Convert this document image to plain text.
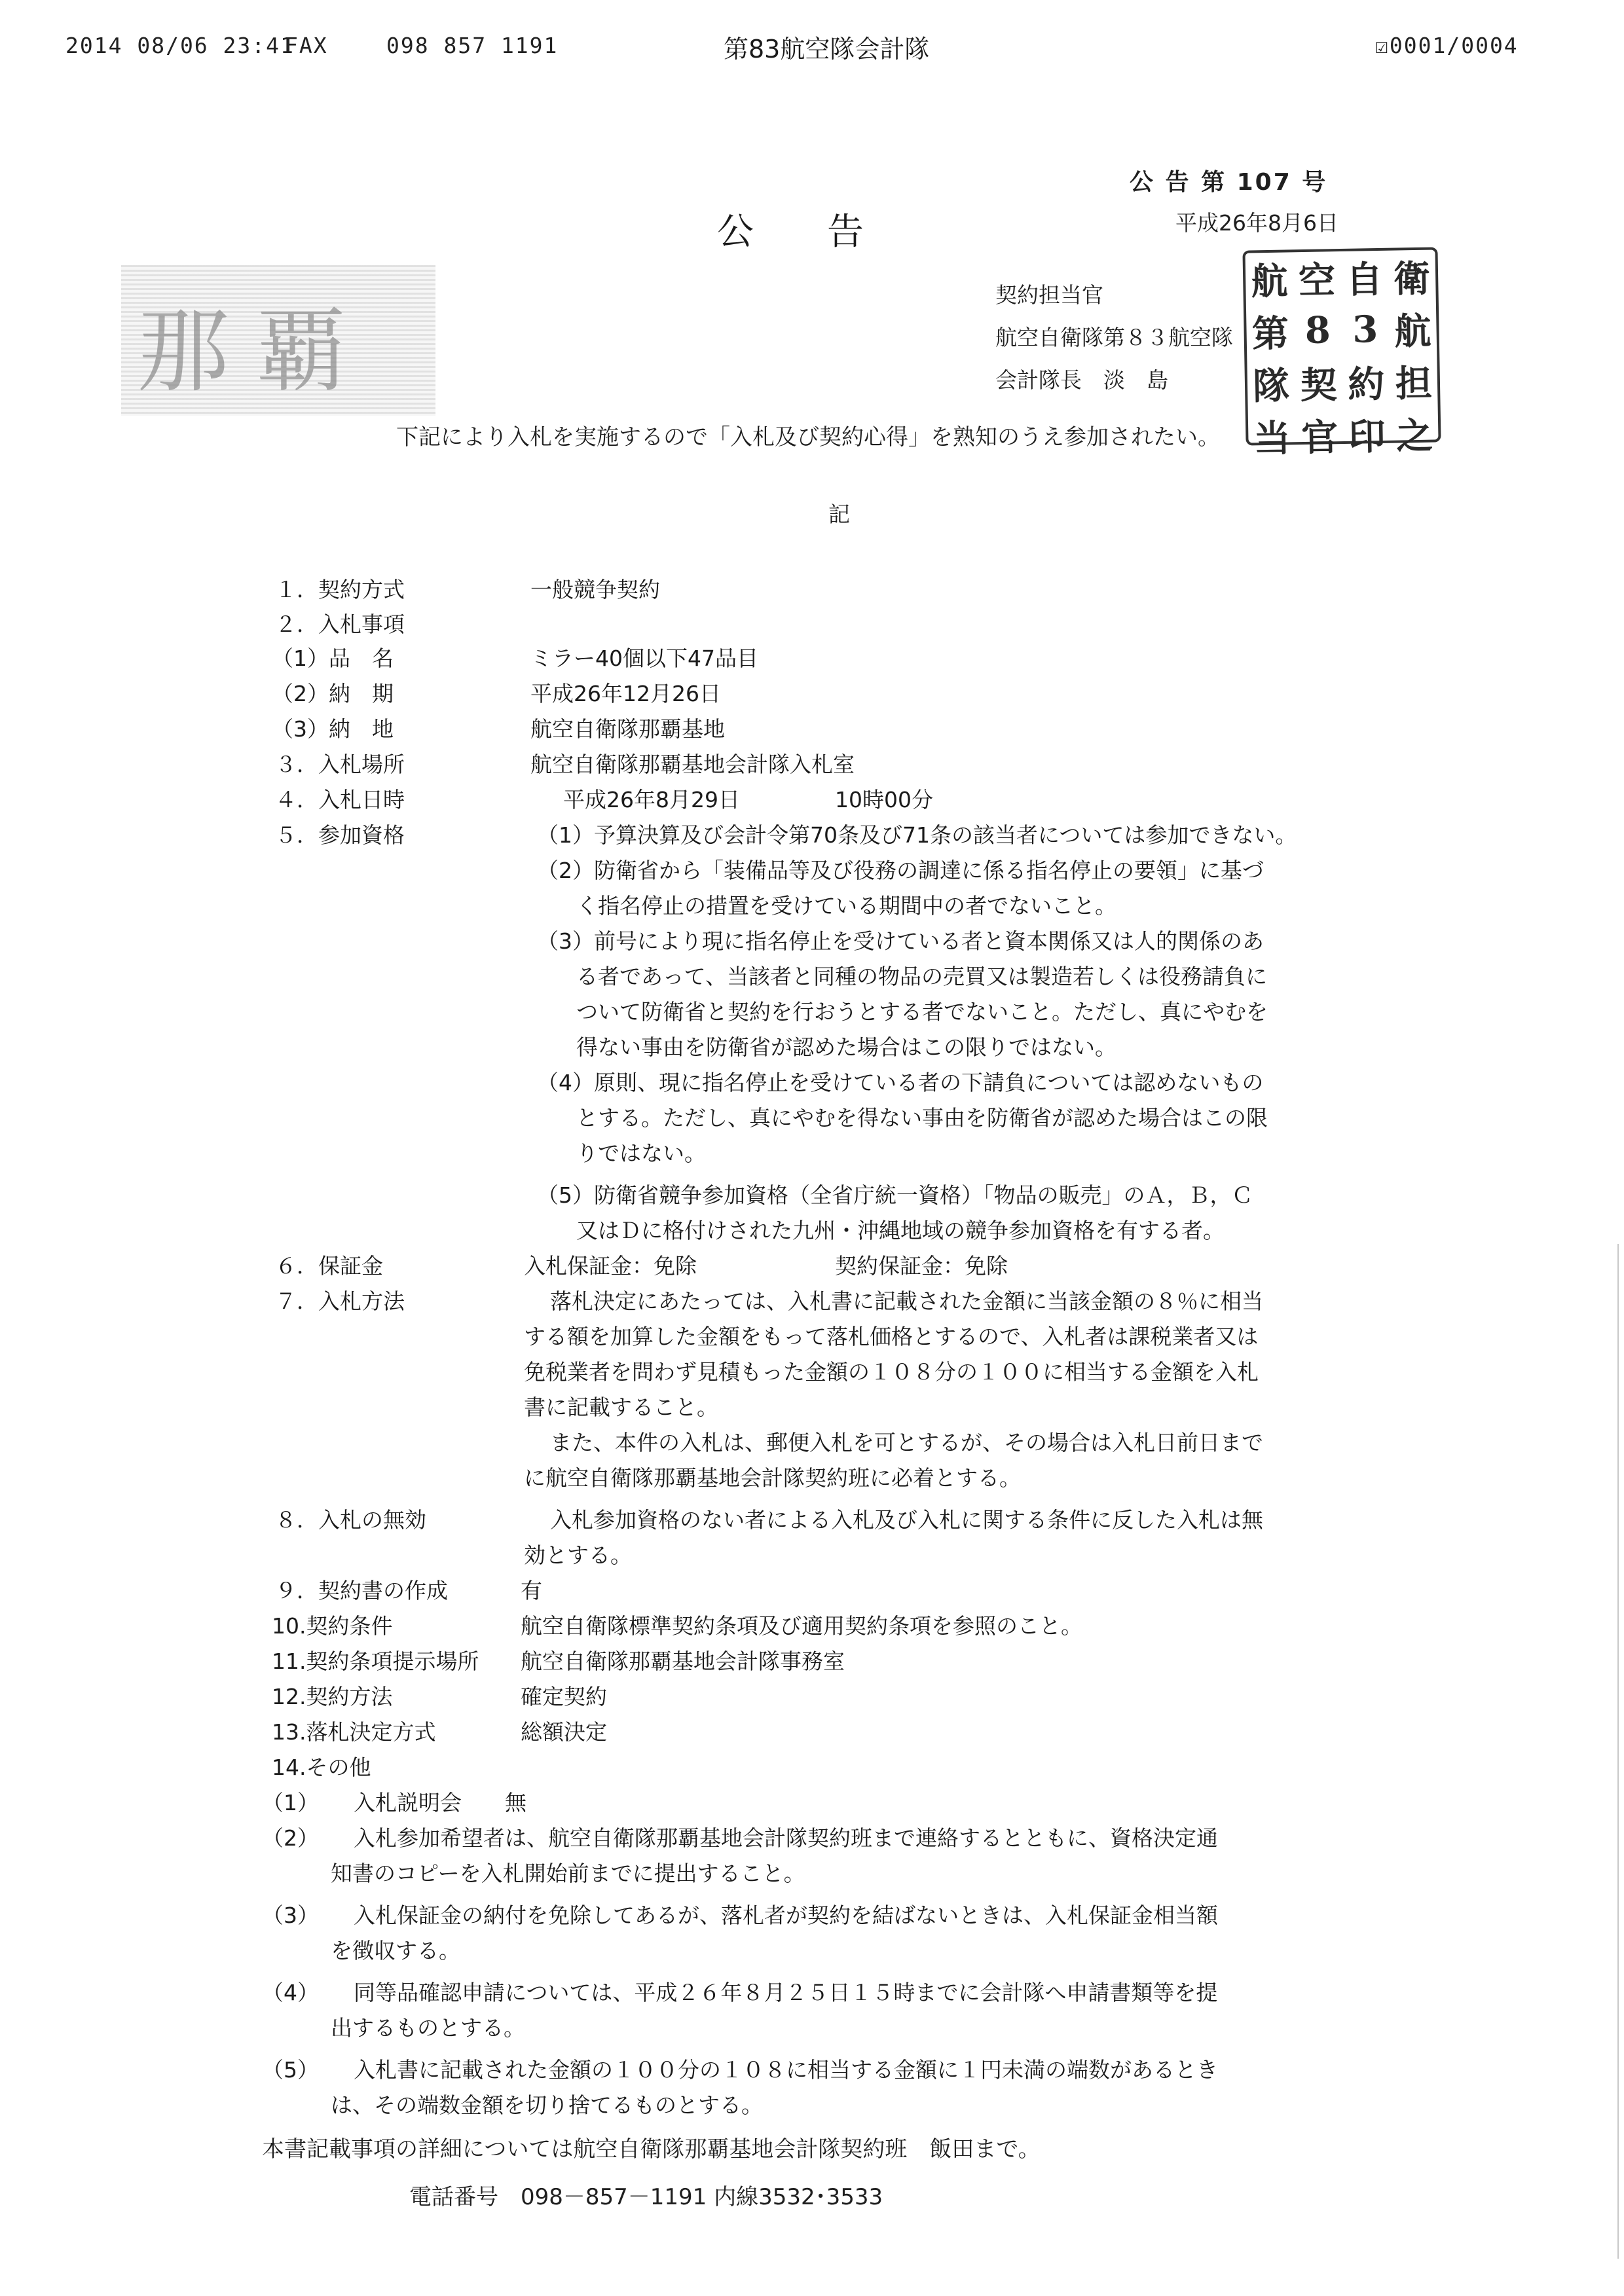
2014 08/06 23:41
FAX	098 857 1191	第83航空隊会計隊	☑0001/0004
公 告 第 107 号
公　　告	平成26年8月6日
那覇
契約担当官
航空自衛隊第８３航空隊
会計隊長　淡　島
航 空 自 衛
第 8 3 航
隊 契 約 担
当 官 印 之
下記により入札を実施するので「入札及び契約心得」を熟知のうえ参加されたい。
記
１．契約方式	一般競争契約
２．入札事項
（1）品　名	ミラー40個以下47品目
（2）納　期	平成26年12月26日
（3）納　地	航空自衛隊那覇基地
３．入札場所	航空自衛隊那覇基地会計隊入札室
４．入札日時	平成26年8月29日	10時00分
５．参加資格	（1）予算決算及び会計令第70条及び71条の該当者については参加できない。
（2）防衛省から「装備品等及び役務の調達に係る指名停止の要領」に基づ
く指名停止の措置を受けている期間中の者でないこと。
（3）前号により現に指名停止を受けている者と資本関係又は人的関係のあ
る者であって、当該者と同種の物品の売買又は製造若しくは役務請負に
ついて防衛省と契約を行おうとする者でないこと。ただし、真にやむを
得ない事由を防衛省が認めた場合はこの限りではない。
（4）原則、現に指名停止を受けている者の下請負については認めないもの
とする。ただし、真にやむを得ない事由を防衛省が認めた場合はこの限
りではない。
（5）防衛省競争参加資格（全省庁統一資格）「物品の販売」のＡ，Ｂ，Ｃ
又はＤに格付けされた九州・沖縄地域の競争参加資格を有する者。
６．保証金	入札保証金：免除	契約保証金：免除
７．入札方法	落札決定にあたっては、入札書に記載された金額に当該金額の８％に相当
する額を加算した金額をもって落札価格とするので、入札者は課税業者又は
免税業者を問わず見積もった金額の１０８分の１００に相当する金額を入札
書に記載すること。
また、本件の入札は、郵便入札を可とするが、その場合は入札日前日まで
に航空自衛隊那覇基地会計隊契約班に必着とする。
８．入札の無効	入札参加資格のない者による入札及び入札に関する条件に反した入札は無
効とする。
９．契約書の作成	有
10.契約条件	航空自衛隊標準契約条項及び適用契約条項を参照のこと。
11.契約条項提示場所 航空自衛隊那覇基地会計隊事務室
12.契約方法	確定契約
13.落札決定方式	総額決定
14.その他
（1） 入札説明会　　無
（2） 入札参加希望者は、航空自衛隊那覇基地会計隊契約班まで連絡するとともに、資格決定通
知書のコピーを入札開始前までに提出すること。
（3） 入札保証金の納付を免除してあるが、落札者が契約を結ばないときは、入札保証金相当額
を徴収する。
（4） 同等品確認申請については、平成２６年８月２５日１５時までに会計隊へ申請書類等を提
出するものとする。
（5） 入札書に記載された金額の１００分の１０８に相当する金額に１円未満の端数があるとき
は、その端数金額を切り捨てるものとする。
本書記載事項の詳細については航空自衛隊那覇基地会計隊契約班　飯田まで。
電話番号　098－857－1191 内線3532･3533
